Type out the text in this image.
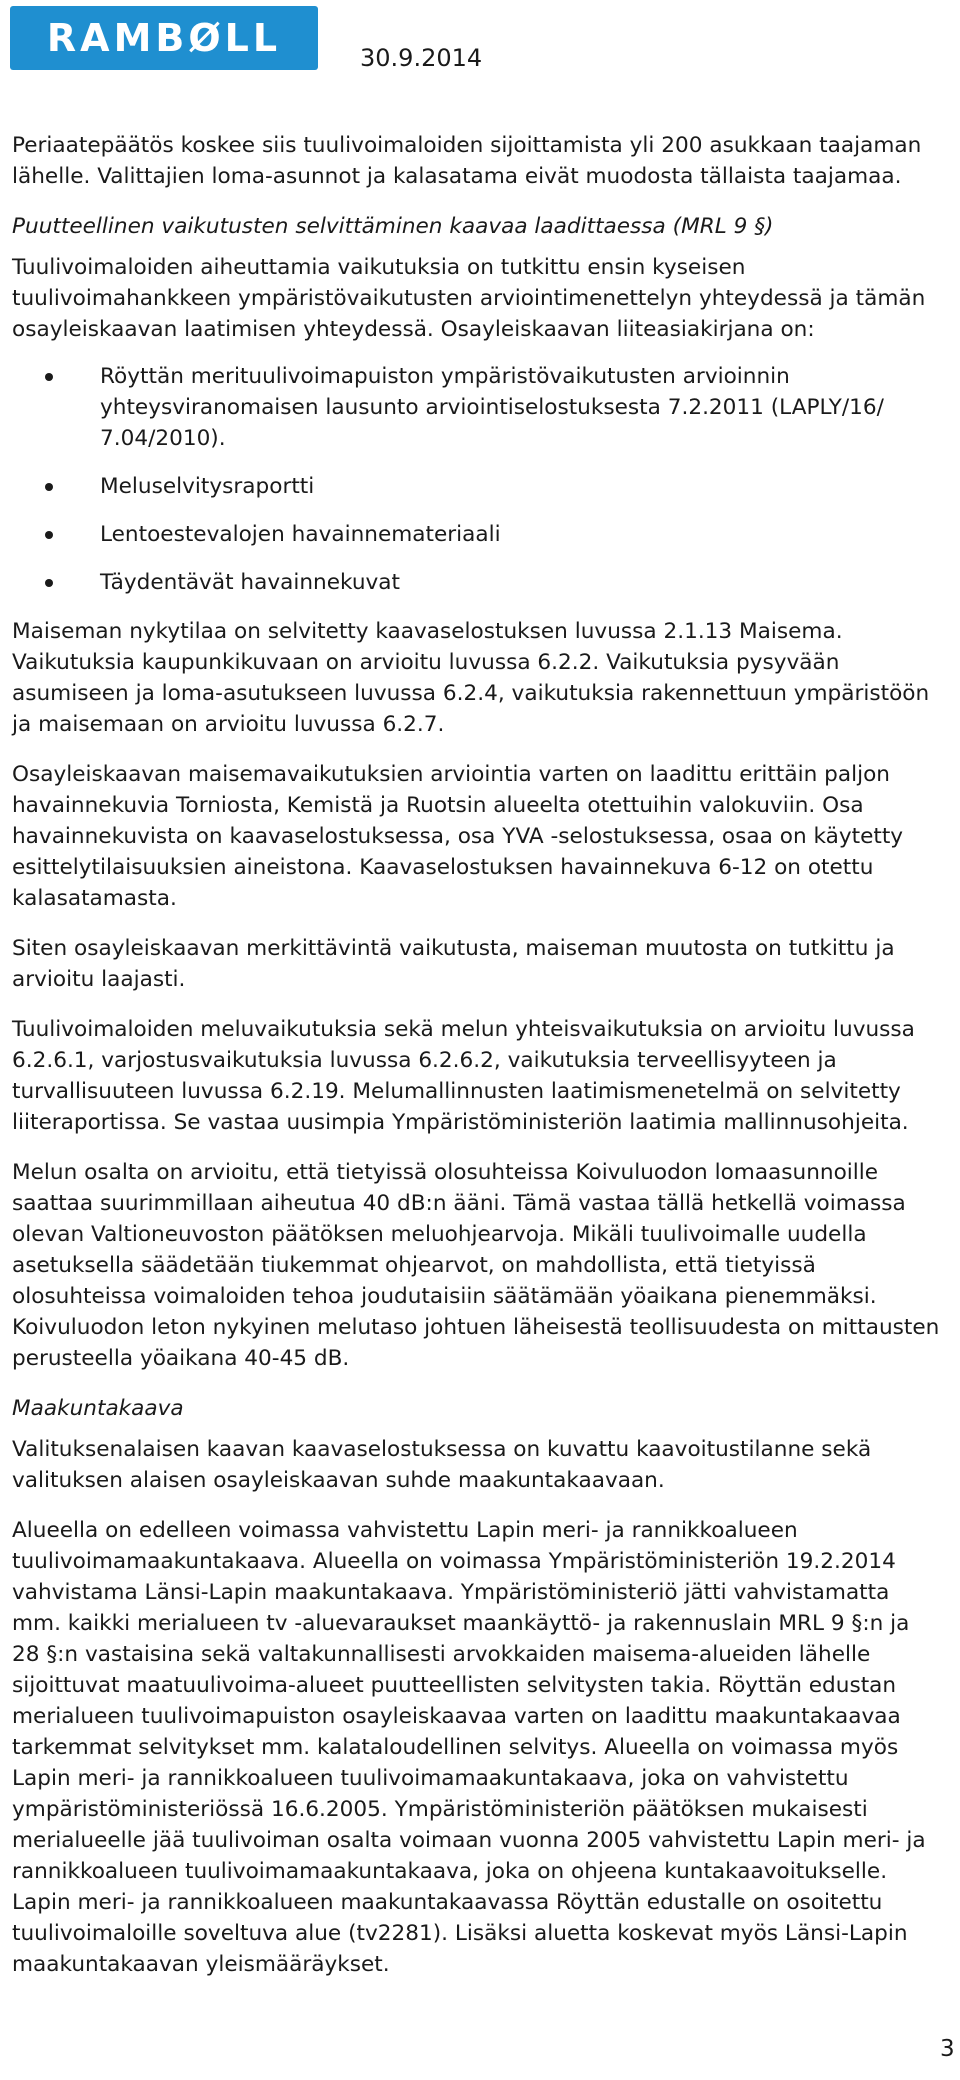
RAMBØLL	30.9.2014

Periaatepäätös koskee siis tuulivoimaloiden sijoittamista yli 200 asukkaan taajaman lähelle. Valittajien loma-asunnot ja kalasatama eivät muodosta tällaista taajamaa.

Puutteellinen vaikutusten selvittäminen kaavaa laadittaessa (MRL 9 §)

Tuulivoimaloiden aiheuttamia vaikutuksia on tutkittu ensin kyseisen tuulivoimahankkeen ympäristövaikutusten arviointimenettelyn yhteydessä ja tämän osayleiskaavan laatimisen yhteydessä. Osayleiskaavan liiteasiakirjana on:

Röyttän merituulivoimapuiston ympäristövaikutusten arvioinnin yhteysviranomaisen lausunto arviointiselostuksesta 7.2.2011 (LAPLY/16/ 7.04/2010).
Meluselvitysraportti
Lentoestevalojen havainnemateriaali
Täydentävät havainnekuvat

Maiseman nykytilaa on selvitetty kaavaselostuksen luvussa 2.1.13 Maisema. Vaikutuksia kaupunkikuvaan on arvioitu luvussa 6.2.2. Vaikutuksia pysyvään asumiseen ja loma-asutukseen luvussa 6.2.4, vaikutuksia rakennettuun ympäristöön ja maisemaan on arvioitu luvussa 6.2.7.

Osayleiskaavan maisemavaikutuksien arviointia varten on laadittu erittäin paljon havainnekuvia Torniosta, Kemistä ja Ruotsin alueelta otettuihin valokuviin. Osa havainnekuvista on kaavaselostuksessa, osa YVA -selostuksessa, osaa on käytetty esittelytilaisuuksien aineistona. Kaavaselostuksen havainnekuva 6-12 on otettu kalasatamasta.

Siten osayleiskaavan merkittävintä vaikutusta, maiseman muutosta on tutkittu ja arvioitu laajasti.

Tuulivoimaloiden meluvaikutuksia sekä melun yhteisvaikutuksia on arvioitu luvussa 6.2.6.1, varjostusvaikutuksia luvussa 6.2.6.2, vaikutuksia terveellisyyteen ja turvallisuuteen luvussa 6.2.19. Melumallinnusten laatimismenetelmä on selvitetty liiteraportissa. Se vastaa uusimpia Ympäristöministeriön laatimia mallinnusohjeita.

Melun osalta on arvioitu, että tietyissä olosuhteissa Koivuluodon lomaasunnoille saattaa suurimmillaan aiheutua 40 dB:n ääni. Tämä vastaa tällä hetkellä voimassa olevan Valtioneuvoston päätöksen meluohjearvoja. Mikäli tuulivoimalle uudella asetuksella säädetään tiukemmat ohjearvot, on mahdollista, että tietyissä olosuhteissa voimaloiden tehoa joudutaisiin säätämään yöaikana pienemmäksi. Koivuluodon leton nykyinen melutaso johtuen läheisestä teollisuudesta on mittausten perusteella yöaikana 40-45 dB.

Maakuntakaava

Valituksenalaisen kaavan kaavaselostuksessa on kuvattu kaavoitustilanne sekä valituksen alaisen osayleiskaavan suhde maakuntakaavaan.

Alueella on edelleen voimassa vahvistettu Lapin meri- ja rannikkoalueen tuulivoimamaakuntakaava. Alueella on voimassa Ympäristöministeriön 19.2.2014 vahvistama Länsi-Lapin maakuntakaava. Ympäristöministeriö jätti vahvistamatta mm. kaikki merialueen tv -aluevaraukset maankäyttö- ja rakennuslain MRL 9 §:n ja 28 §:n vastaisina sekä valtakunnallisesti arvokkaiden maisema-alueiden lähelle sijoittuvat maatuulivoima-alueet puutteellisten selvitysten takia. Röyttän edustan merialueen tuulivoimapuiston osayleiskaavaa varten on laadittu maakuntakaavaa tarkemmat selvitykset mm. kalataloudellinen selvitys. Alueella on voimassa myös Lapin meri- ja rannikkoalueen tuulivoimamaakuntakaava, joka on vahvistettu ympäristöministeriössä 16.6.2005. Ympäristöministeriön päätöksen mukaisesti merialueelle jää tuulivoiman osalta voimaan vuonna 2005 vahvistettu Lapin meri- ja rannikkoalueen tuulivoimamaakuntakaava, joka on ohjeena kuntakaavoitukselle. Lapin meri- ja rannikkoalueen maakuntakaavassa Röyttän edustalle on osoitettu tuulivoimaloille soveltuva alue (tv2281). Lisäksi aluetta koskevat myös Länsi-Lapin maakuntakaavan yleismääräykset.

3
